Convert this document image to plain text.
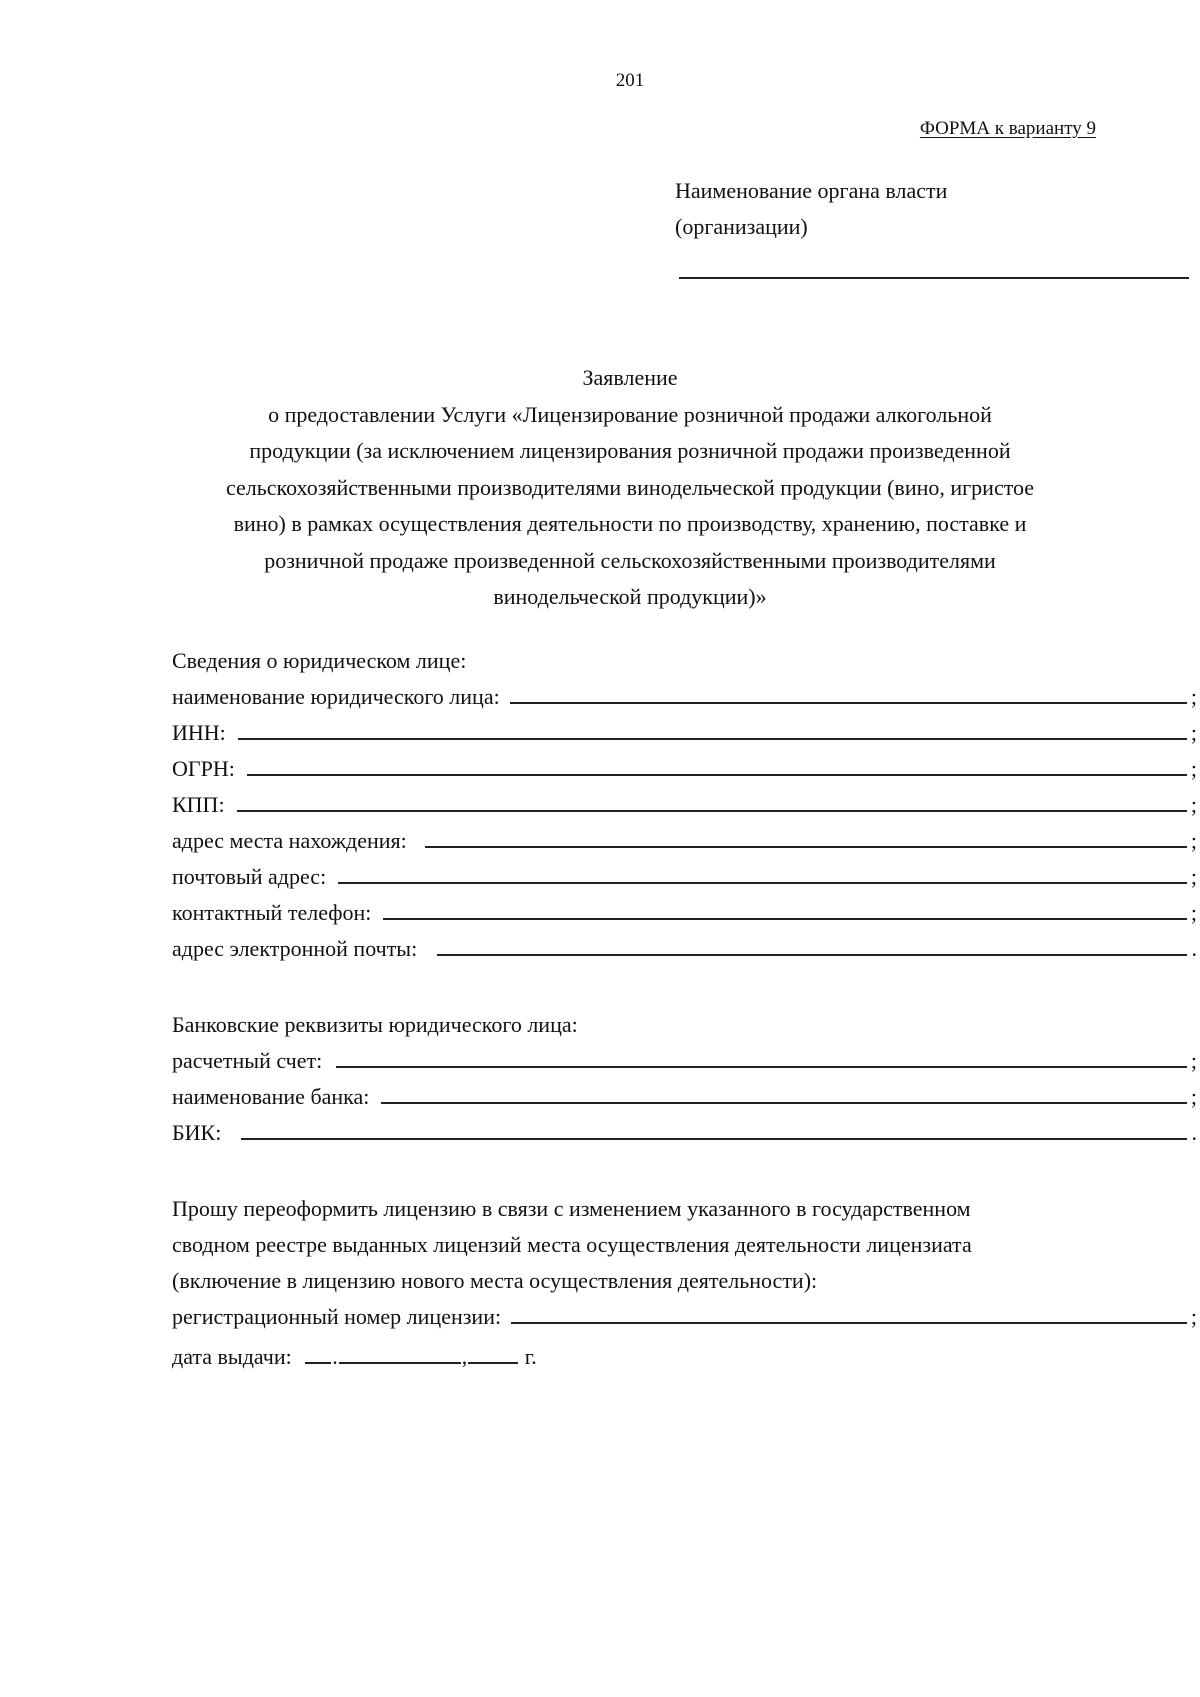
201
ФОРМА к варианту 9
Наименование органа власти
(организации)
Заявление
о предоставлении Услуги «Лицензирование розничной продажи алкогольной
продукции (за исключением лицензирования розничной продажи произведенной
сельскохозяйственными производителями винодельческой продукции (вино, игристое
вино) в рамках осуществления деятельности по производству, хранению, поставке и
розничной продаже произведенной сельскохозяйственными производителями
винодельческой продукции)»
Сведения о юридическом лице:
наименование юридического лица:	;
ИНН:	;
ОГРН:	;
КПП:	;
адрес места нахождения:	;
почтовый адрес:	;
контактный телефон:	;
адрес электронной почты:	.
Банковские реквизиты юридического лица:
расчетный счет:	;
наименование банка:	;
БИК:	.
Прошу переоформить лицензию в связи с изменением указанного в государственном
сводном реестре выданных лицензий места осуществления деятельности лицензиата
(включение в лицензию нового места осуществления деятельности):
регистрационный номер лицензии:	;
дата выдачи: .	,	г.
